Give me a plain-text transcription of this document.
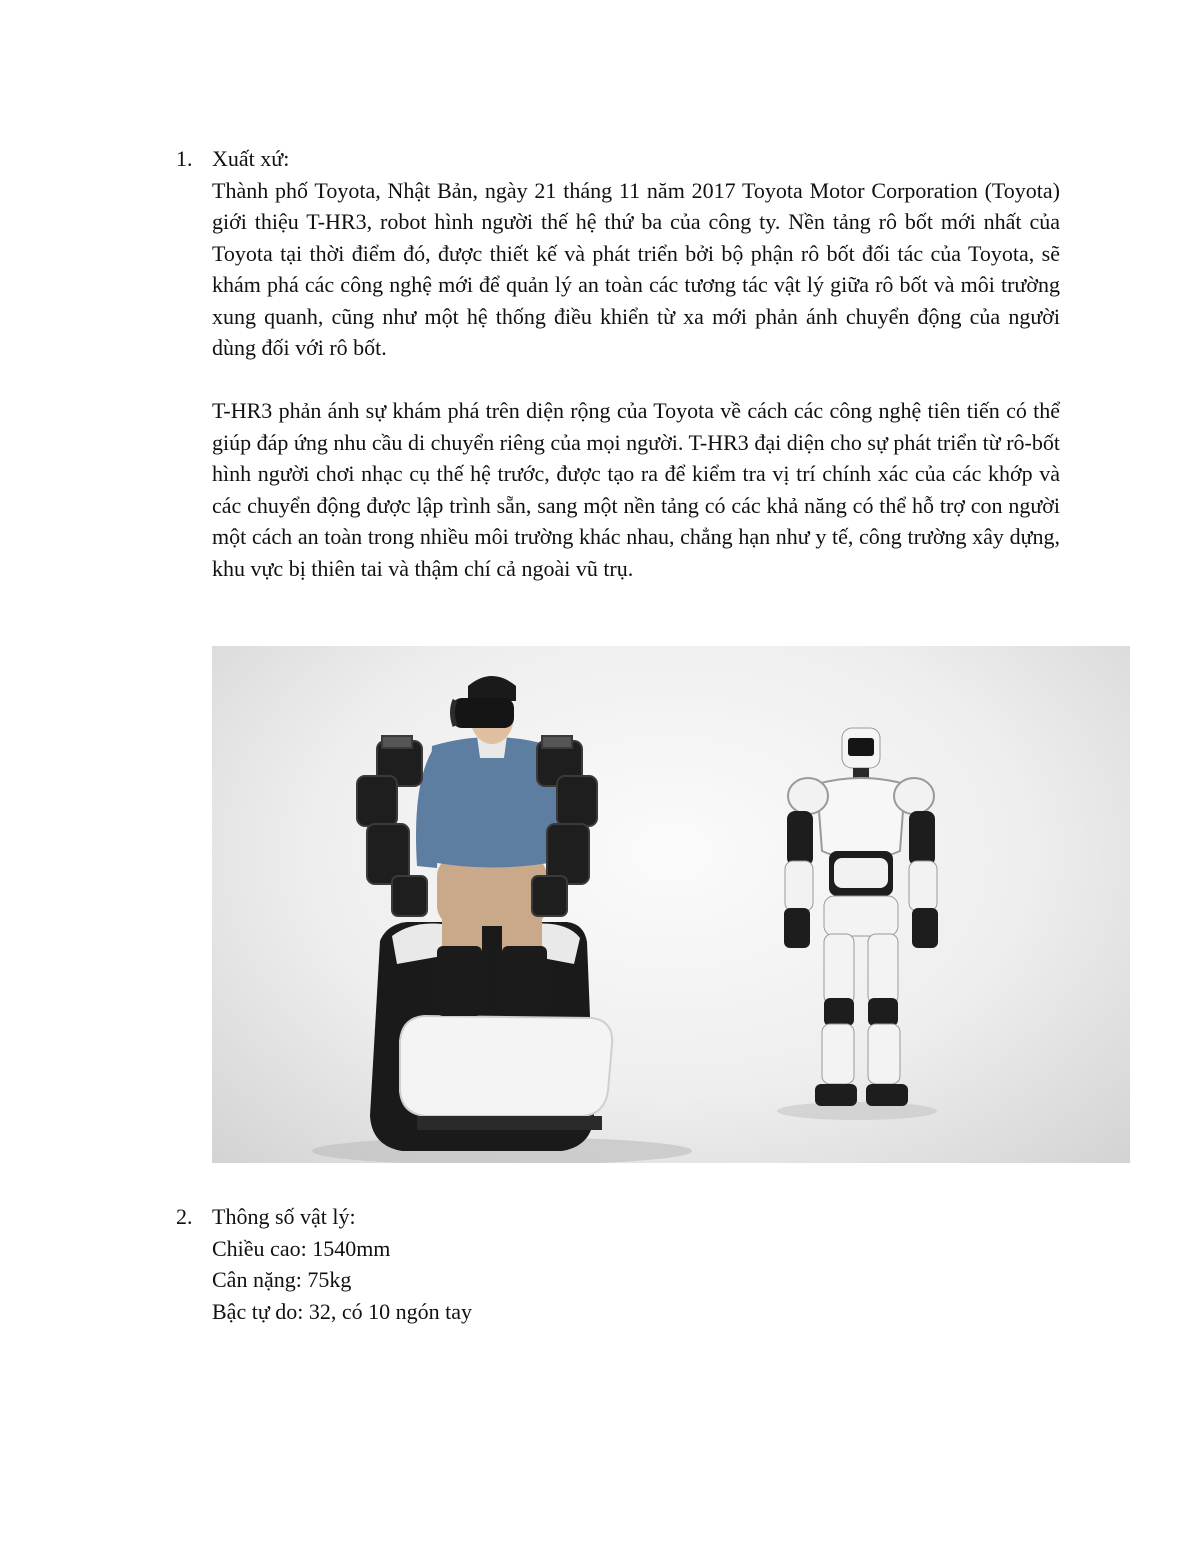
1. Xuất xứ:

Thành phố Toyota, Nhật Bản, ngày 21 tháng 11 năm 2017 Toyota Motor Corporation (Toyota) giới thiệu T-HR3, robot hình người thế hệ thứ ba của công ty. Nền tảng rô bốt mới nhất của Toyota tại thời điểm đó, được thiết kế và phát triển bởi bộ phận rô bốt đối tác của Toyota, sẽ khám phá các công nghệ mới để quản lý an toàn các tương tác vật lý giữa rô bốt và môi trường xung quanh, cũng như một hệ thống điều khiển từ xa mới phản ánh chuyển động của người dùng đối với rô bốt.

T-HR3 phản ánh sự khám phá trên diện rộng của Toyota về cách các công nghệ tiên tiến có thể giúp đáp ứng nhu cầu di chuyển riêng của mọi người. T-HR3 đại diện cho sự phát triển từ rô-bốt hình người chơi nhạc cụ thế hệ trước, được tạo ra để kiểm tra vị trí chính xác của các khớp và các chuyển động được lập trình sẵn, sang một nền tảng có các khả năng có thể hỗ trợ con người một cách an toàn trong nhiều môi trường khác nhau, chẳng hạn như y tế, công trường xây dựng, khu vực bị thiên tai và thậm chí cả ngoài vũ trụ.

2. Thông số vật lý:
Chiều cao: 1540mm
Cân nặng: 75kg
Bậc tự do: 32, có 10 ngón tay
